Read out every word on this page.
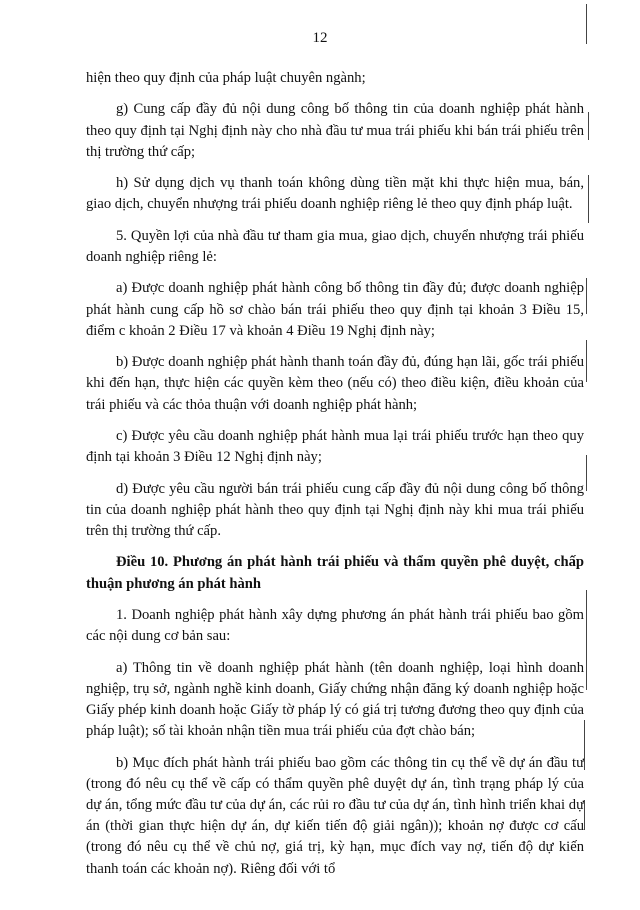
12

hiện theo quy định của pháp luật chuyên ngành;

g) Cung cấp đầy đủ nội dung công bố thông tin của doanh nghiệp phát hành theo quy định tại Nghị định này cho nhà đầu tư mua trái phiếu khi bán trái phiếu trên thị trường thứ cấp;

h) Sử dụng dịch vụ thanh toán không dùng tiền mặt khi thực hiện mua, bán, giao dịch, chuyển nhượng trái phiếu doanh nghiệp riêng lẻ theo quy định pháp luật.

5. Quyền lợi của nhà đầu tư tham gia mua, giao dịch, chuyển nhượng trái phiếu doanh nghiệp riêng lẻ:

a) Được doanh nghiệp phát hành công bố thông tin đầy đủ; được doanh nghiệp phát hành cung cấp hồ sơ chào bán trái phiếu theo quy định tại khoản 3 Điều 15, điểm c khoản 2 Điều 17 và khoản 4 Điều 19 Nghị định này;

b) Được doanh nghiệp phát hành thanh toán đầy đủ, đúng hạn lãi, gốc trái phiếu khi đến hạn, thực hiện các quyền kèm theo (nếu có) theo điều kiện, điều khoản của trái phiếu và các thỏa thuận với doanh nghiệp phát hành;

c) Được yêu cầu doanh nghiệp phát hành mua lại trái phiếu trước hạn theo quy định tại khoản 3 Điều 12 Nghị định này;

d) Được yêu cầu người bán trái phiếu cung cấp đầy đủ nội dung công bố thông tin của doanh nghiệp phát hành theo quy định tại Nghị định này khi mua trái phiếu trên thị trường thứ cấp.

Điều 10. Phương án phát hành trái phiếu và thẩm quyền phê duyệt, chấp thuận phương án phát hành

1. Doanh nghiệp phát hành xây dựng phương án phát hành trái phiếu bao gồm các nội dung cơ bản sau:

a) Thông tin về doanh nghiệp phát hành (tên doanh nghiệp, loại hình doanh nghiệp, trụ sở, ngành nghề kinh doanh, Giấy chứng nhận đăng ký doanh nghiệp hoặc Giấy phép kinh doanh hoặc Giấy tờ pháp lý có giá trị tương đương theo quy định của pháp luật); số tài khoản nhận tiền mua trái phiếu của đợt chào bán;

b) Mục đích phát hành trái phiếu bao gồm các thông tin cụ thể về dự án đầu tư (trong đó nêu cụ thể về cấp có thẩm quyền phê duyệt dự án, tình trạng pháp lý của dự án, tổng mức đầu tư của dự án, các rủi ro đầu tư của dự án, tình hình triển khai dự án (thời gian thực hiện dự án, dự kiến tiến độ giải ngân)); khoản nợ được cơ cấu (trong đó nêu cụ thể về chủ nợ, giá trị, kỳ hạn, mục đích vay nợ, tiến độ dự kiến thanh toán các khoản nợ). Riêng đối với tổ
